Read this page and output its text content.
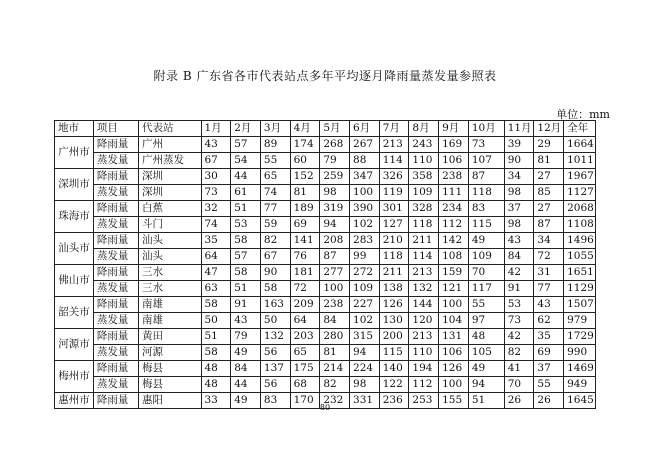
附录 B 广东省各市代表站点多年平均逐月降雨量蒸发量参照表
单位：mm
地市	项目	代表站	1月	2月	3月	4月	5月	6月	7月	8月	9月	10月	11月	12月	全年
广州市	降雨量	广州	43	57	89	174	268	267	213	243	169	73	39	29	1664
	蒸发量	广州蒸发	67	54	55	60	79	88	114	110	106	107	90	81	1011
深圳市	降雨量	深圳	30	44	65	152	259	347	326	358	238	87	34	27	1967
	蒸发量	深圳	73	61	74	81	98	100	119	109	111	118	98	85	1127
珠海市	降雨量	白蕉	32	51	77	189	319	390	301	328	234	83	37	27	2068
	蒸发量	斗门	74	53	59	69	94	102	127	118	112	115	98	87	1108
汕头市	降雨量	汕头	35	58	82	141	208	283	210	211	142	49	43	34	1496
	蒸发量	汕头	64	57	67	76	87	99	118	114	108	109	84	72	1055
佛山市	降雨量	三水	47	58	90	181	277	272	211	213	159	70	42	31	1651
	蒸发量	三水	63	51	58	72	100	109	138	132	121	117	91	77	1129
韶关市	降雨量	南雄	58	91	163	209	238	227	126	144	100	55	53	43	1507
	蒸发量	南雄	50	43	50	64	84	102	130	120	104	97	73	62	979
河源市	降雨量	黄田	51	79	132	203	280	315	200	213	131	48	42	35	1729
	蒸发量	河源	58	49	56	65	81	94	115	110	106	105	82	69	990
梅州市	降雨量	梅县	48	84	137	175	214	224	140	194	126	49	41	37	1469
	蒸发量	梅县	48	44	56	68	82	98	122	112	100	94	70	55	949
惠州市	降雨量	惠阳	33	49	83	170	232	331	236	253	155	51	26	26	1645
80
